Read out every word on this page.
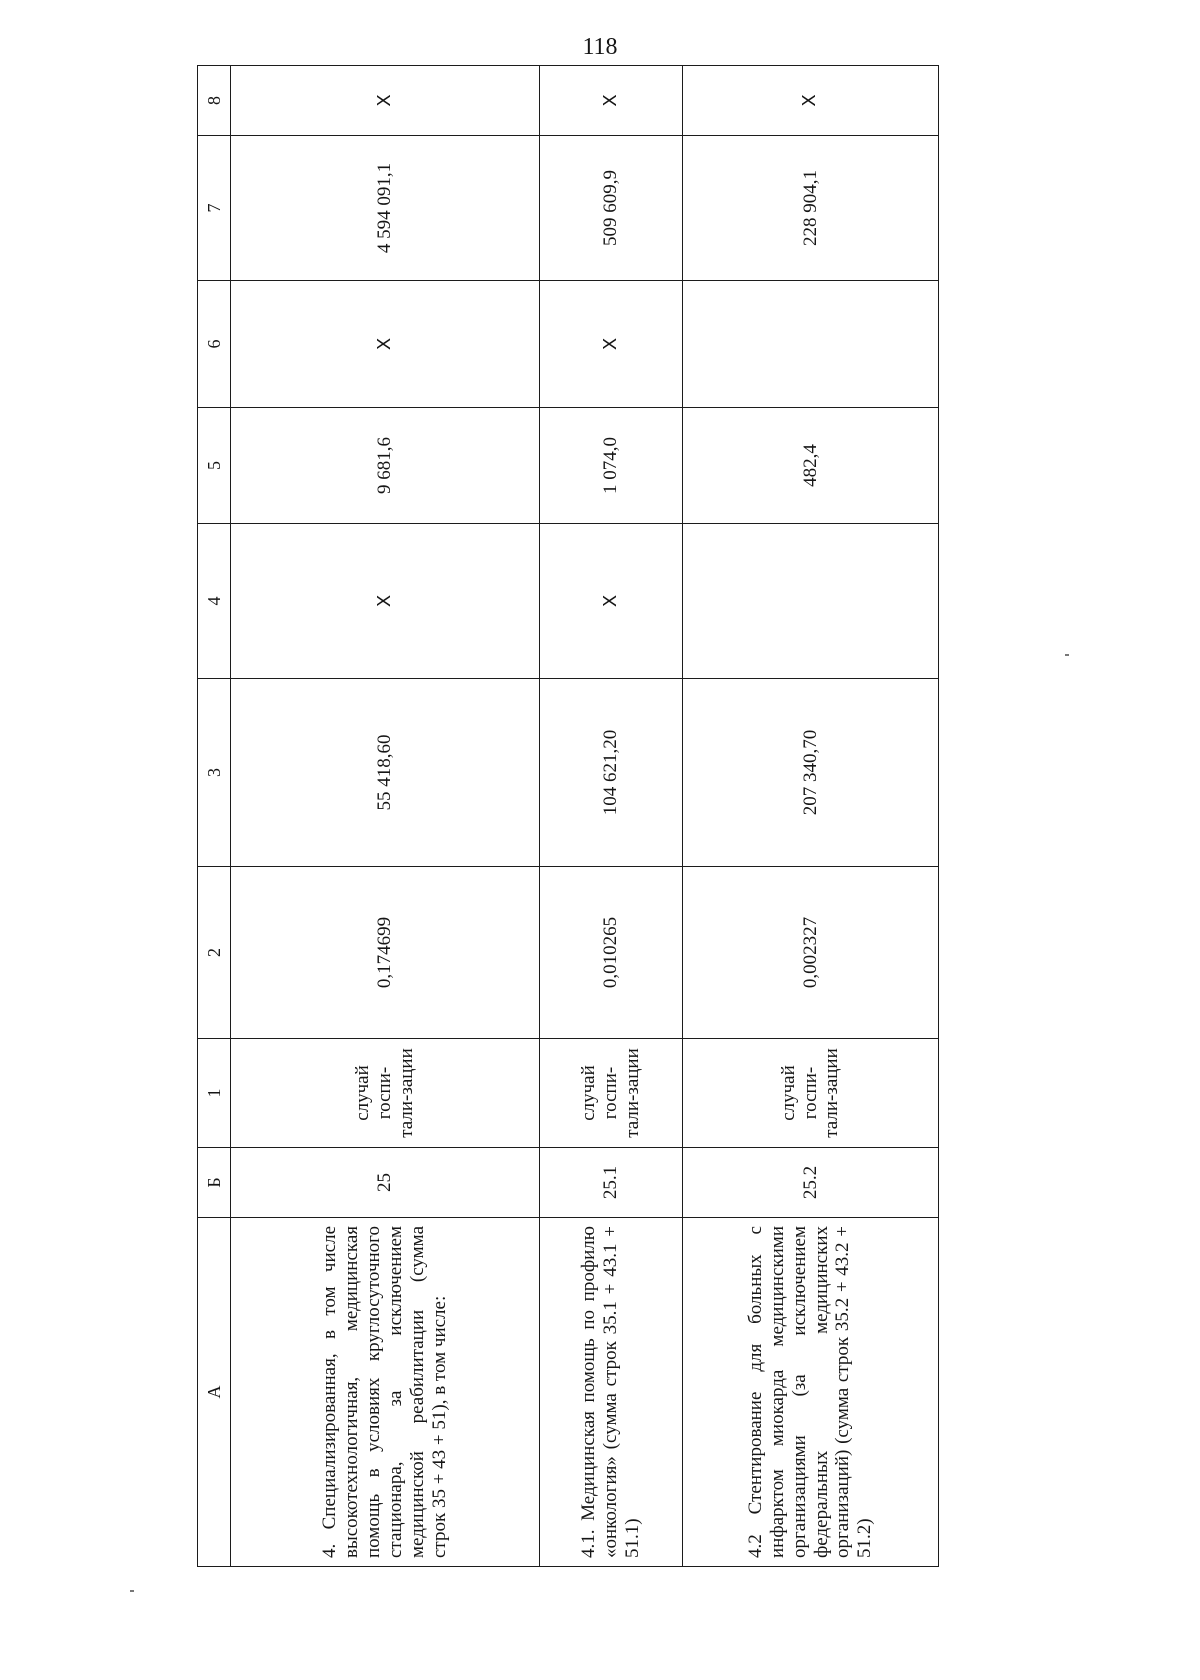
118
А	Б	1	2	3	4	5	6	7	8
4. Специализированная, в том числе высокотехнологичная, медицинская помощь в условиях круглосуточного стационара, за исключением медицинской реабилитации (сумма строк 35 + 43 + 51), в том числе:	25	случай госпи-тали-зации	0,174699	55 418,60	X	9 681,6	X	4 594 091,1	X
4.1. Медицинская помощь по профилю «онкология» (сумма строк 35.1 + 43.1 + 51.1)	25.1	случай госпи-тали-зации	0,010265	104 621,20	X	1 074,0	X	509 609,9	X
4.2 Стентирование для больных с инфарктом миокарда медицинскими организациями (за исключением федеральных медицинских организаций) (сумма строк 35.2 + 43.2 + 51.2)	25.2	случай госпи-тали-зации	0,002327	207 340,70		482,4		228 904,1	X
